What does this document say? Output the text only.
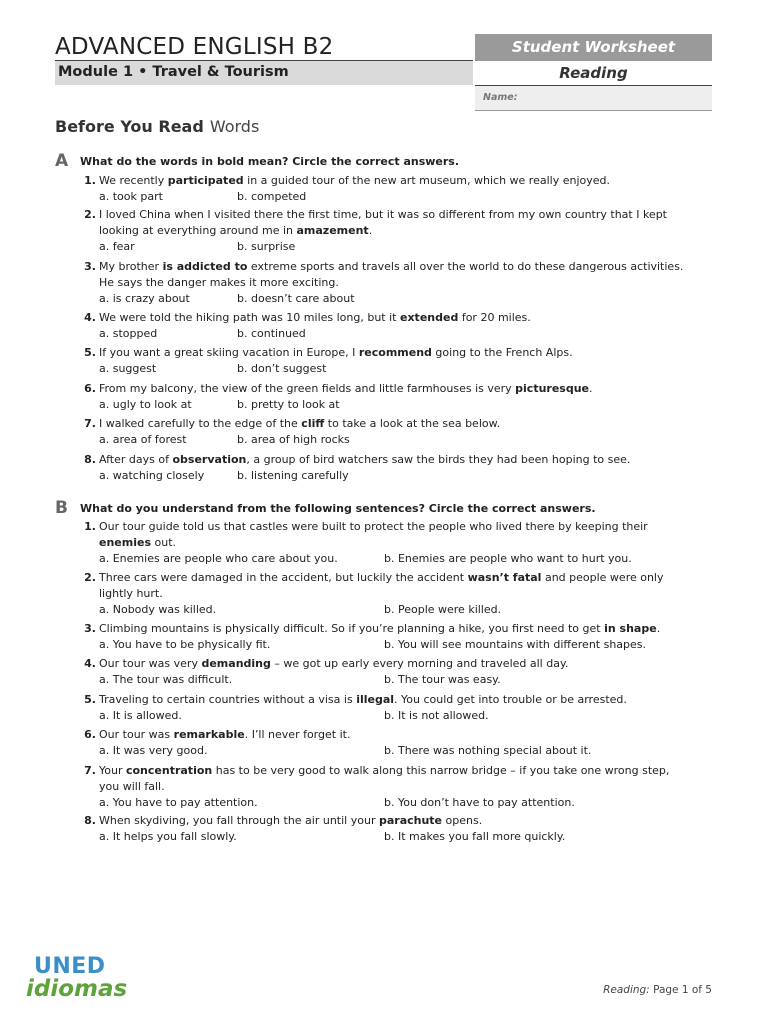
ADVANCED ENGLISH B2
Module 1 • Travel & Tourism
Student Worksheet
Reading
Name:
Before You Read Words
A What do the words in bold mean? Circle the correct answers.
1. We recently participated in a guided tour of the new art museum, which we really enjoyed.
a. took part	b. competed
2. I loved China when I visited there the first time, but it was so different from my own country that I kept looking at everything around me in amazement.
a. fear	b. surprise
3. My brother is addicted to extreme sports and travels all over the world to do these dangerous activities. He says the danger makes it more exciting.
a. is crazy about	b. doesn’t care about
4. We were told the hiking path was 10 miles long, but it extended for 20 miles.
a. stopped	b. continued
5. If you want a great skiing vacation in Europe, I recommend going to the French Alps.
a. suggest	b. don’t suggest
6. From my balcony, the view of the green fields and little farmhouses is very picturesque.
a. ugly to look at	b. pretty to look at
7. I walked carefully to the edge of the cliff to take a look at the sea below.
a. area of forest	b. area of high rocks
8. After days of observation, a group of bird watchers saw the birds they had been hoping to see.
a. watching closely	b. listening carefully
B What do you understand from the following sentences? Circle the correct answers.
1. Our tour guide told us that castles were built to protect the people who lived there by keeping their enemies out.
a. Enemies are people who care about you.	b. Enemies are people who want to hurt you.
2. Three cars were damaged in the accident, but luckily the accident wasn’t fatal and people were only lightly hurt.
a. Nobody was killed.	b. People were killed.
3. Climbing mountains is physically difficult. So if you’re planning a hike, you first need to get in shape.
a. You have to be physically fit.	b. You will see mountains with different shapes.
4. Our tour was very demanding – we got up early every morning and traveled all day.
a. The tour was difficult.	b. The tour was easy.
5. Traveling to certain countries without a visa is illegal. You could get into trouble or be arrested.
a. It is allowed.	b. It is not allowed.
6. Our tour was remarkable. I’ll never forget it.
a. It was very good.	b. There was nothing special about it.
7. Your concentration has to be very good to walk along this narrow bridge – if you take one wrong step, you will fall.
a. You have to pay attention.	b. You don’t have to pay attention.
8. When skydiving, you fall through the air until your parachute opens.
a. It helps you fall slowly.	b. It makes you fall more quickly.
UNED
idiomas	Reading: Page 1 of 5
